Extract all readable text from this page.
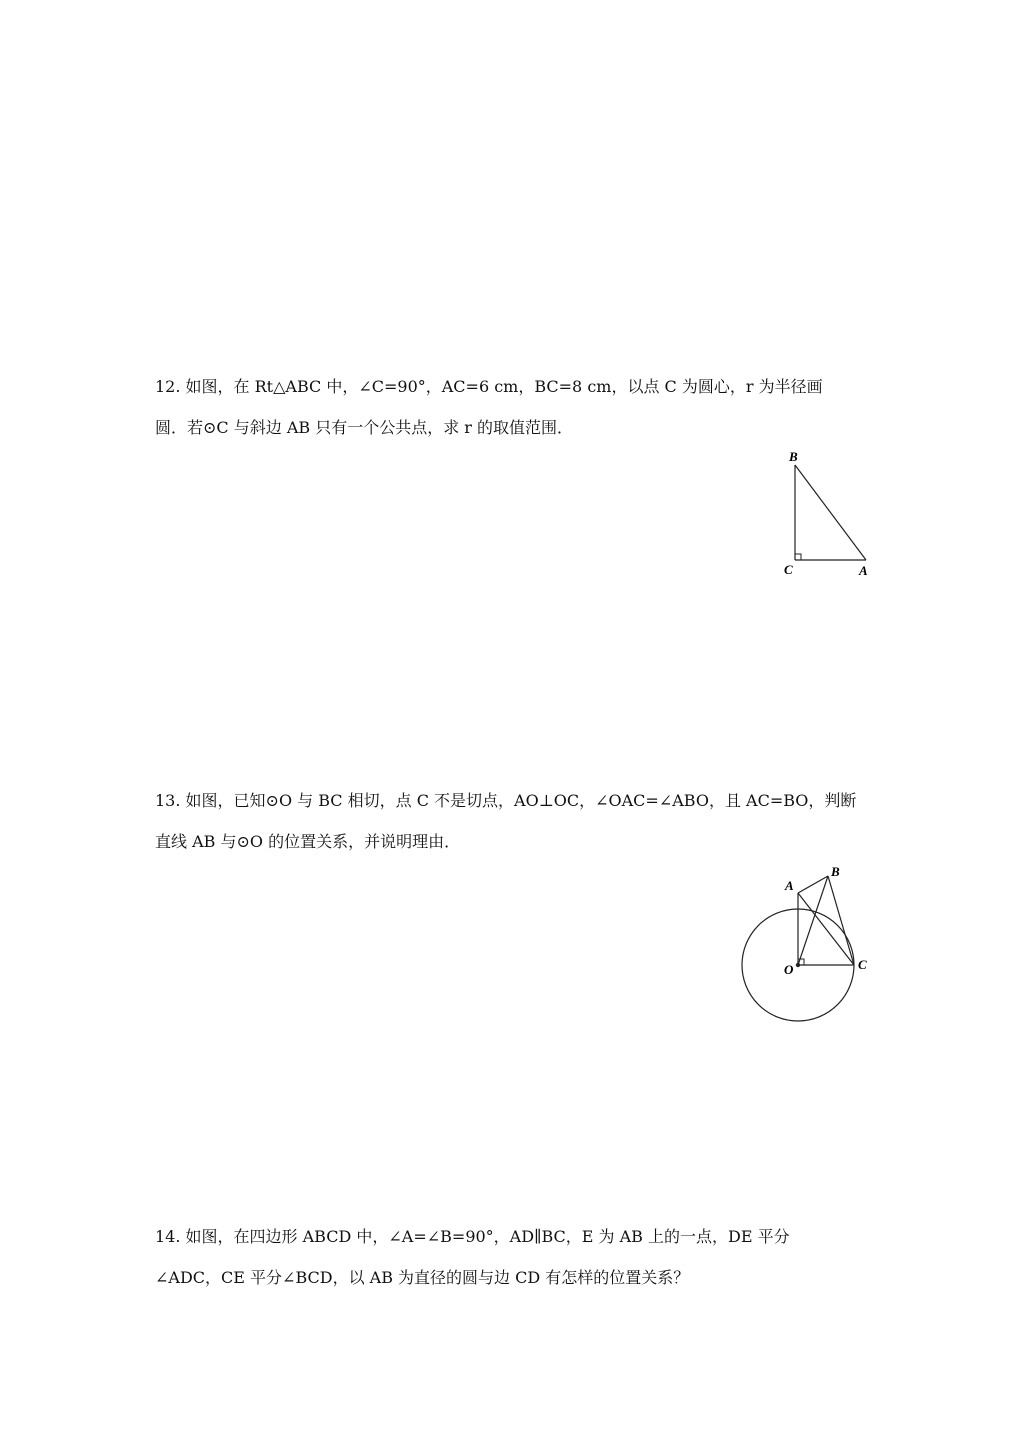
12. 如图，在 Rt△ABC 中，∠C=90°，AC=6 cm，BC=8 cm，以点 C 为圆心，r 为半径画

圆．若⊙C 与斜边 AB 只有一个公共点，求 r 的取值范围．

B
C	A

13. 如图，已知⊙O 与 BC 相切，点 C 不是切点，AO⊥OC，∠OAC=∠ABO，且 AC=BO，判断

直线 AB 与⊙O 的位置关系，并说明理由．

A
B
C
O

14. 如图，在四边形 ABCD 中，∠A=∠B=90°，AD∥BC，E 为 AB 上的一点，DE 平分

∠ADC，CE 平分∠BCD，以 AB 为直径的圆与边 CD 有怎样的位置关系？
